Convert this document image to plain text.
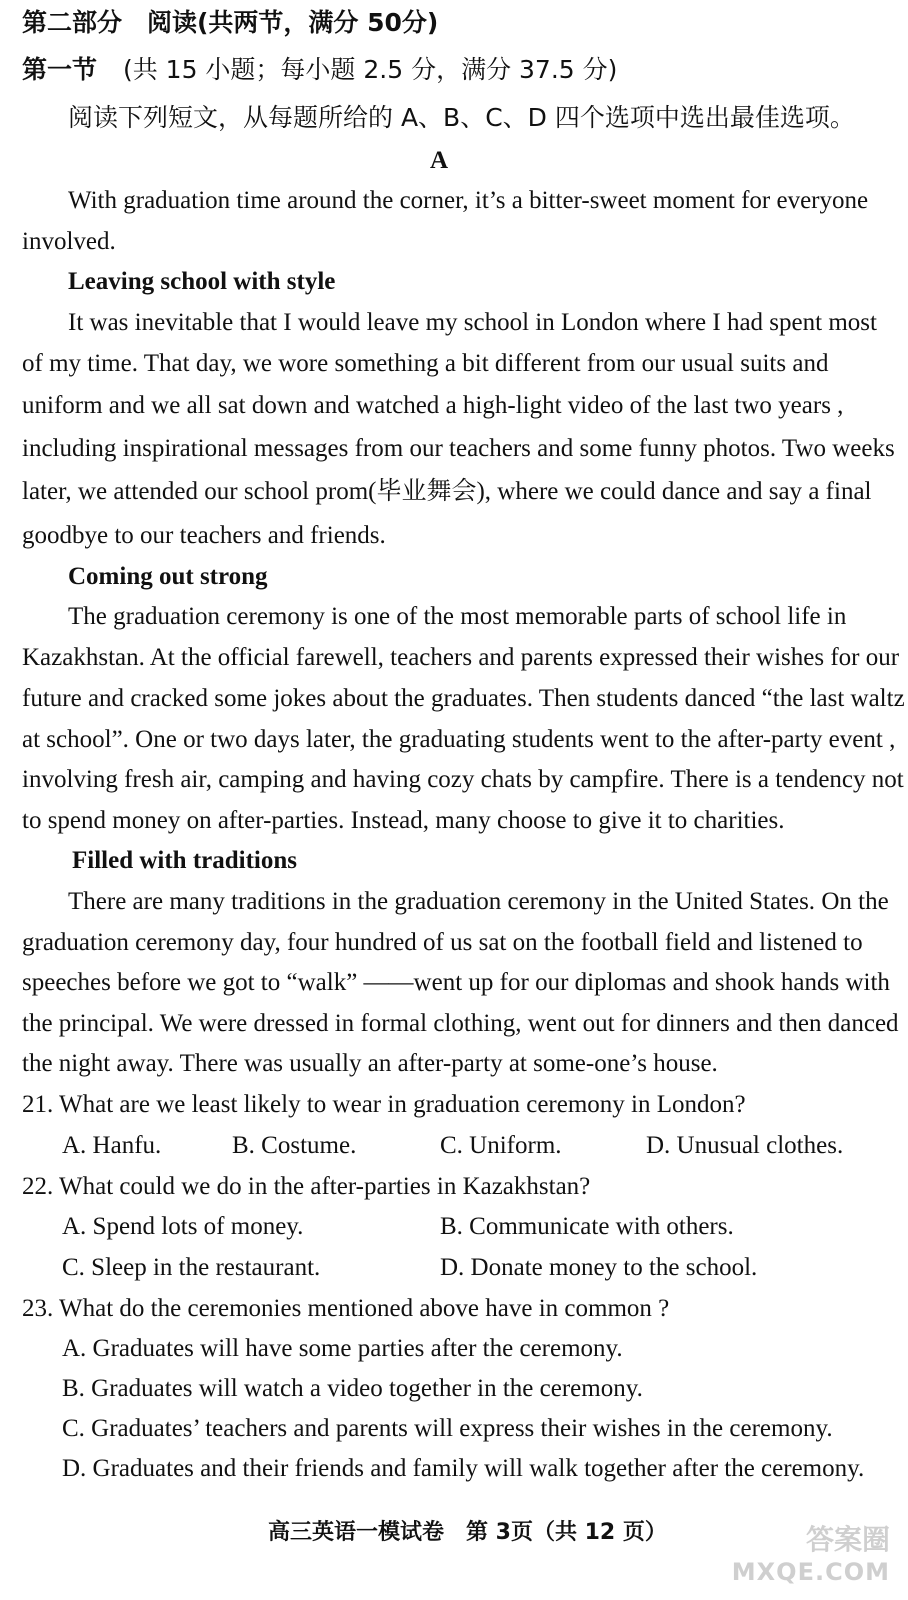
第二部分　阅读(共两节，满分 50分)
第一节 (共 15 小题；每小题 2.5 分，满分 37.5 分)
阅读下列短文，从每题所给的 A、B、C、D 四个选项中选出最佳选项。
A
With graduation time around the corner, it’s a bitter-sweet moment for everyone
involved.
Leaving school with style
It was inevitable that I would leave my school in London where I had spent most
of my time. That day, we wore something a bit different from our usual suits and
uniform and we all sat down and watched a high-light video of the last two years ,
including inspirational messages from our teachers and some funny photos. Two weeks
later, we attended our school prom(毕业舞会), where we could dance and say a final
goodbye to our teachers and friends.
Coming out strong
The graduation ceremony is one of the most memorable parts of school life in
Kazakhstan. At the official farewell, teachers and parents expressed their wishes for our
future and cracked some jokes about the graduates. Then students danced “the last waltz
at school”. One or two days later, the graduating students went to the after-party event ,
involving fresh air, camping and having cozy chats by campfire. There is a tendency not
to spend money on after-parties. Instead, many choose to give it to charities.
Filled with traditions
There are many traditions in the graduation ceremony in the United States. On the
graduation ceremony day, four hundred of us sat on the football field and listened to
speeches before we got to “walk” ——went up for our diplomas and shook hands with
the principal. We were dressed in formal clothing, went out for dinners and then danced
the night away. There was usually an after-party at some-one’s house.
21. What are we least likely to wear in graduation ceremony in London?
A. Hanfu.	B. Costume.	C. Uniform.	D. Unusual clothes.
22. What could we do in the after-parties in Kazakhstan?
A. Spend lots of money.	B. Communicate with others.
C. Sleep in the restaurant.	D. Donate money to the school.
23. What do the ceremonies mentioned above have in common ?
A. Graduates will have some parties after the ceremony.
B. Graduates will watch a video together in the ceremony.
C. Graduates’ teachers and parents will express their wishes in the ceremony.
D. Graduates and their friends and family will walk together after the ceremony.
高三英语一模试卷　第 3页（共 12 页）	答案圈
MXQE.COM
